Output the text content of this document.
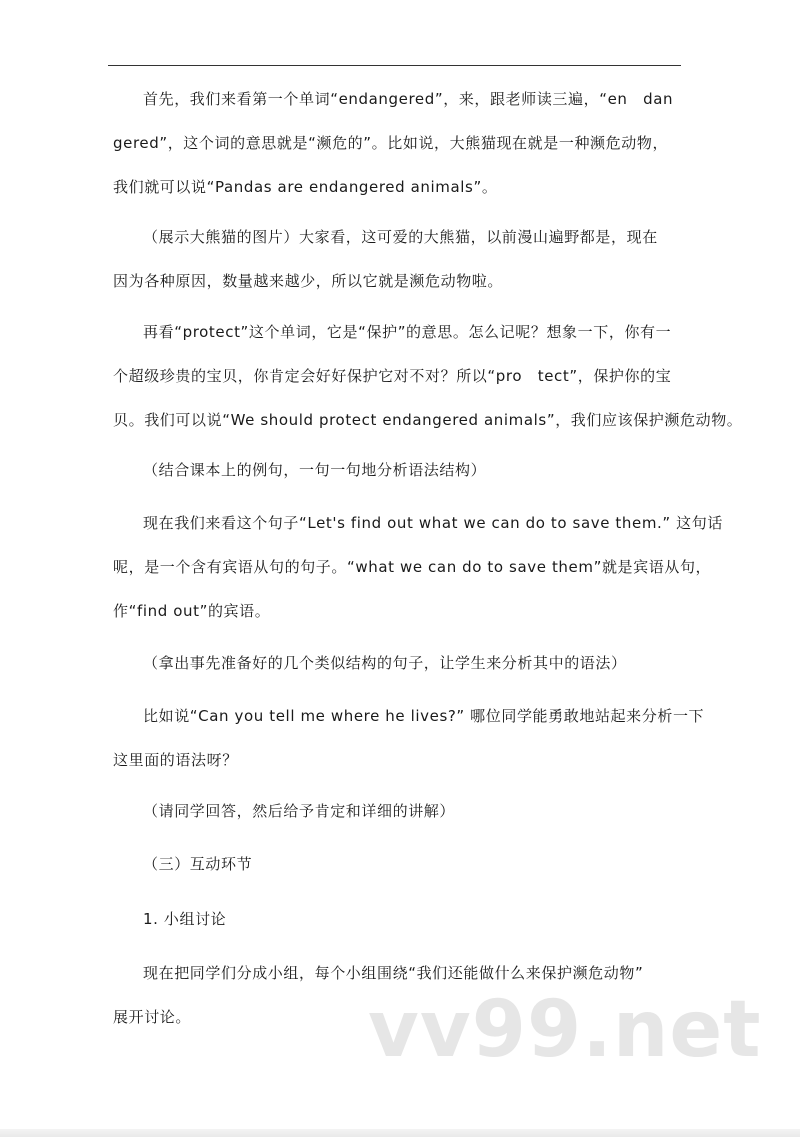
首先，我们来看第一个单词“endangered”，来，跟老师读三遍，“en　dan
gered”，这个词的意思就是“濒危的”。比如说，大熊猫现在就是一种濒危动物，
我们就可以说“Pandas are endangered animals”。

（展示大熊猫的图片）大家看，这可爱的大熊猫，以前漫山遍野都是，现在
因为各种原因，数量越来越少，所以它就是濒危动物啦。

再看“protect”这个单词，它是“保护”的意思。怎么记呢？想象一下，你有一
个超级珍贵的宝贝，你肯定会好好保护它对不对？所以“pro　tect”，保护你的宝
贝。我们可以说“We should protect endangered animals”，我们应该保护濒危动物。

（结合课本上的例句，一句一句地分析语法结构）

现在我们来看这个句子“Let's find out what we can do to save them.” 这句话
呢，是一个含有宾语从句的句子。“what we can do to save them”就是宾语从句，
作“find out”的宾语。

（拿出事先准备好的几个类似结构的句子，让学生来分析其中的语法）

比如说“Can you tell me where he lives?” 哪位同学能勇敢地站起来分析一下
这里面的语法呀？

（请同学回答，然后给予肯定和详细的讲解）

（三）互动环节

1. 小组讨论

现在把同学们分成小组，每个小组围绕“我们还能做什么来保护濒危动物”
展开讨论。	vv99.net
